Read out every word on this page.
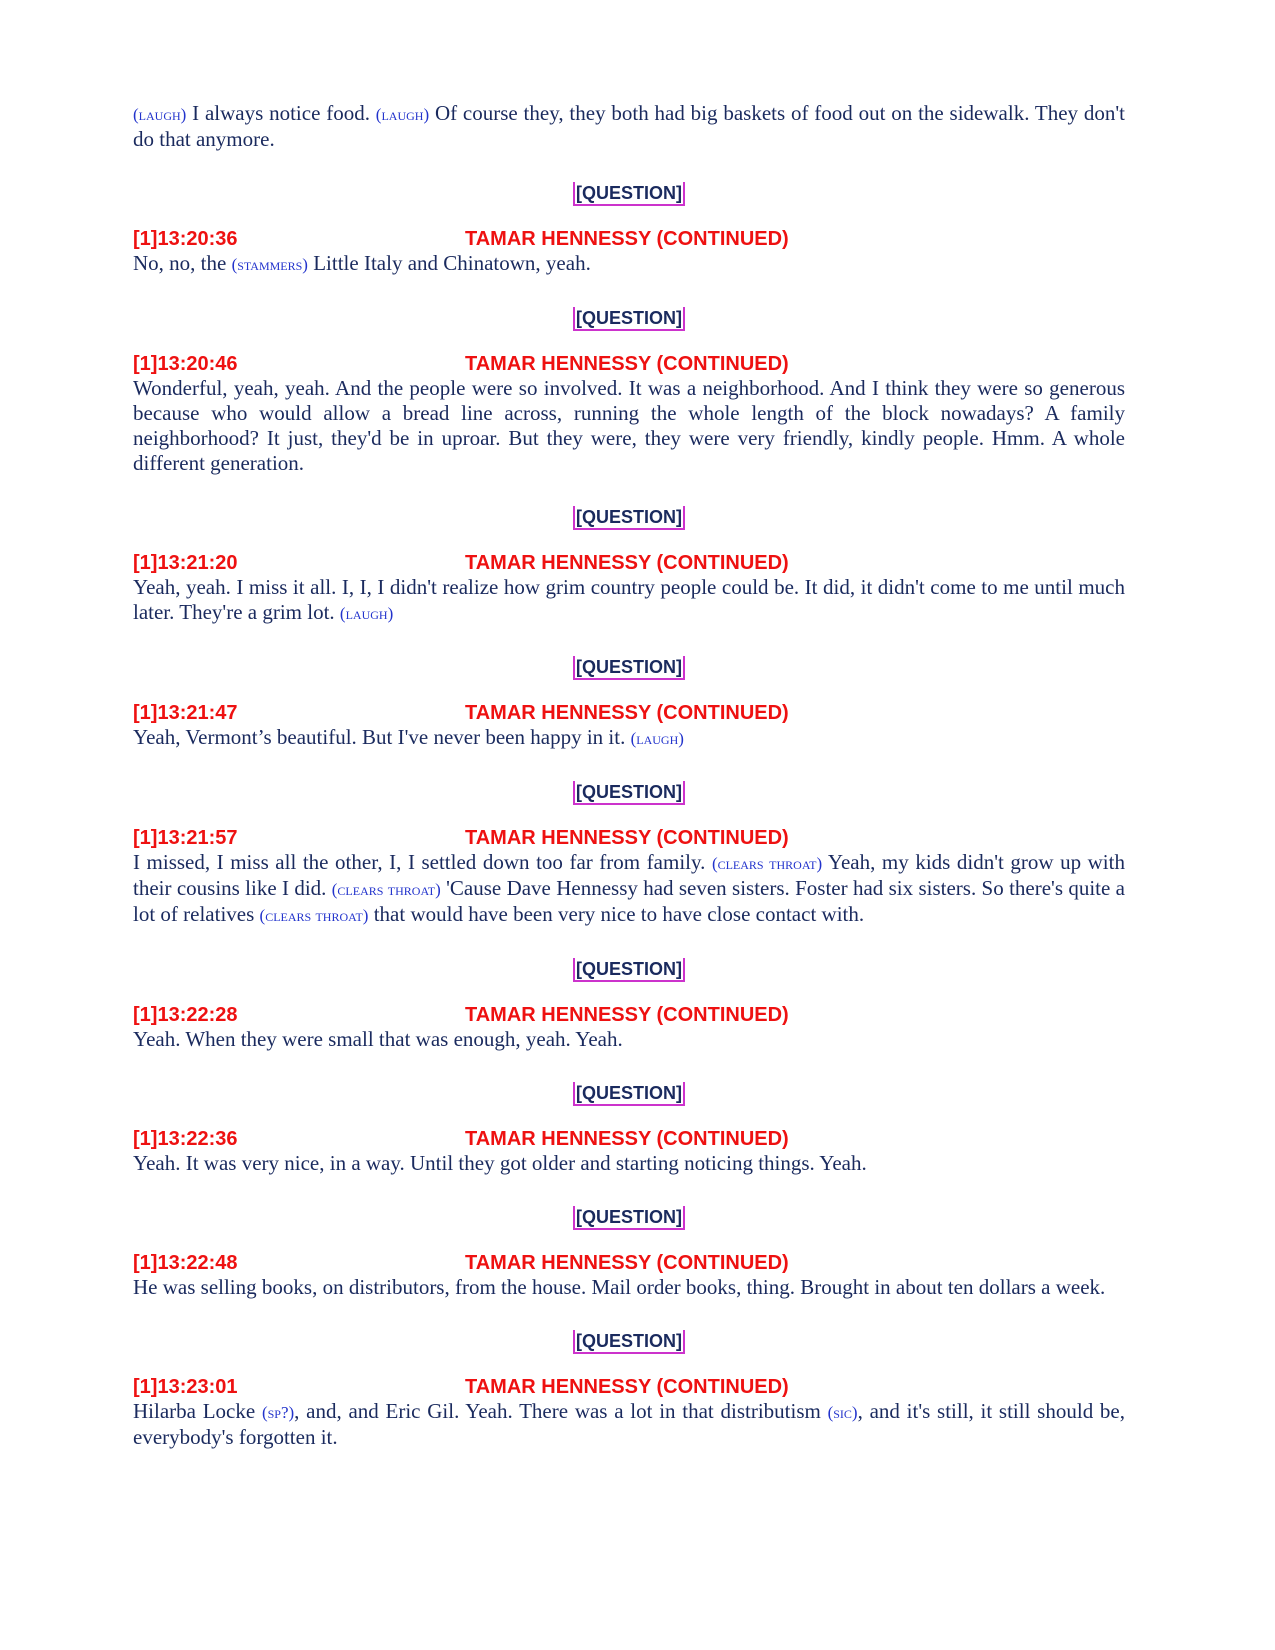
(laugh) I always notice food. (laugh) Of course they, they both had big baskets of food out on the sidewalk. They don't do that anymore.

[QUESTION]

[1]13:20:36	TAMAR HENNESSY (CONTINUED)

No, no, the (stammers) Little Italy and Chinatown, yeah.

[QUESTION]

[1]13:20:46	TAMAR HENNESSY (CONTINUED)

Wonderful, yeah, yeah. And the people were so involved. It was a neighborhood. And I think they were so generous because who would allow a bread line across, running the whole length of the block nowadays? A family neighborhood? It just, they'd be in uproar. But they were, they were very friendly, kindly people. Hmm. A whole different generation.

[QUESTION]

[1]13:21:20	TAMAR HENNESSY (CONTINUED)

Yeah, yeah. I miss it all. I, I, I didn't realize how grim country people could be. It did, it didn't come to me until much later. They're a grim lot. (laugh)

[QUESTION]

[1]13:21:47	TAMAR HENNESSY (CONTINUED)

Yeah, Vermont’s beautiful. But I've never been happy in it. (laugh)

[QUESTION]

[1]13:21:57	TAMAR HENNESSY (CONTINUED)

I missed, I miss all the other, I, I settled down too far from family. (clears throat) Yeah, my kids didn't grow up with their cousins like I did. (clears throat) 'Cause Dave Hennessy had seven sisters. Foster had six sisters. So there's quite a lot of relatives (clears throat) that would have been very nice to have close contact with.

[QUESTION]

[1]13:22:28	TAMAR HENNESSY (CONTINUED)

Yeah. When they were small that was enough, yeah. Yeah.

[QUESTION]

[1]13:22:36	TAMAR HENNESSY (CONTINUED)

Yeah. It was very nice, in a way. Until they got older and starting noticing things. Yeah.

[QUESTION]

[1]13:22:48	TAMAR HENNESSY (CONTINUED)

He was selling books, on distributors, from the house. Mail order books, thing. Brought in about ten dollars a week.

[QUESTION]

[1]13:23:01	TAMAR HENNESSY (CONTINUED)

Hilarba Locke (sp?), and, and Eric Gil. Yeah. There was a lot in that distributism (sic), and it's still, it still should be, everybody's forgotten it.
